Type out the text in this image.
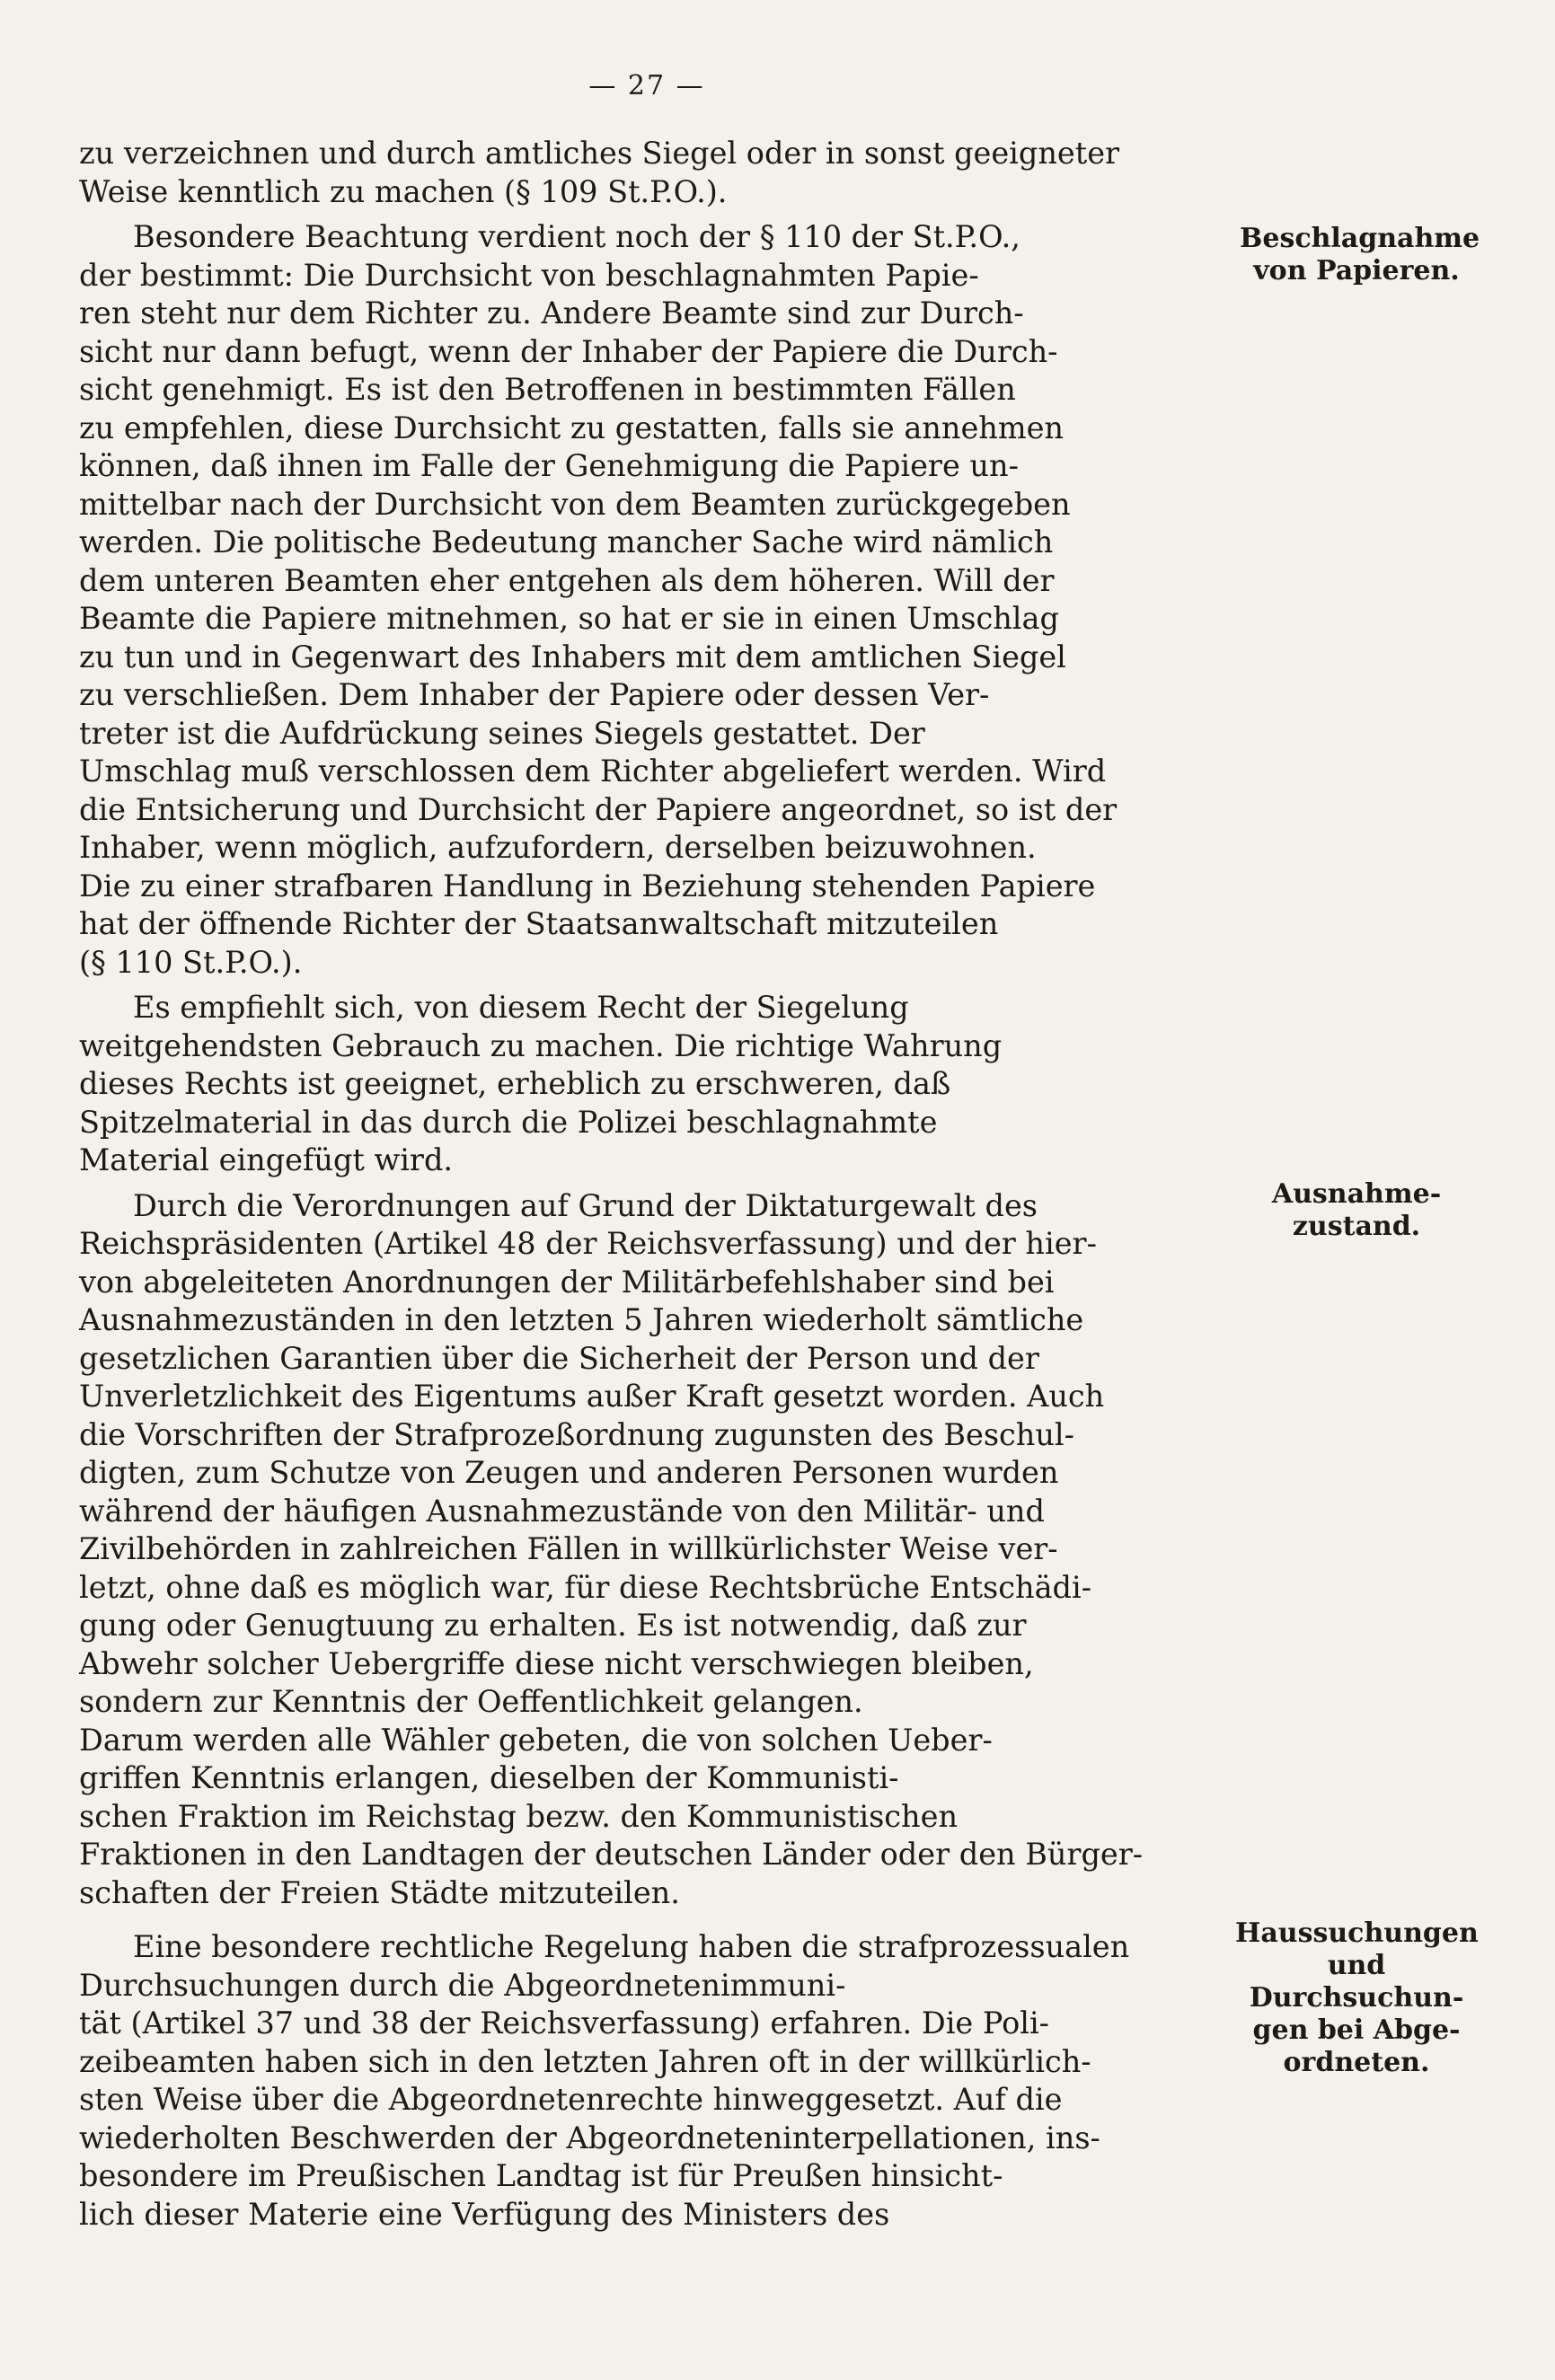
— 27 —

zu verzeichnen und durch amtliches Siegel oder in sonst geeigneter
Weise kenntlich zu machen (§ 109 St.P.O.).

Besondere Beachtung verdient noch der § 110 der St.P.O.,
der bestimmt: Die Durchsicht von beschlagnahmten Papie-
ren steht nur dem Richter zu. Andere Beamte sind zur Durch-
sicht nur dann befugt, wenn der Inhaber der Papiere die Durch-
sicht genehmigt. Es ist den Betroffenen in bestimmten Fällen
zu empfehlen, diese Durchsicht zu gestatten, falls sie annehmen
können, daß ihnen im Falle der Genehmigung die Papiere un-
mittelbar nach der Durchsicht von dem Beamten zurückgegeben
werden. Die politische Bedeutung mancher Sache wird nämlich
dem unteren Beamten eher entgehen als dem höheren. Will der
Beamte die Papiere mitnehmen, so hat er sie in einen Umschlag
zu tun und in Gegenwart des Inhabers mit dem amtlichen Siegel
zu verschließen. Dem Inhaber der Papiere oder dessen Ver-
treter ist die Aufdrückung seines Siegels gestattet. Der
Umschlag muß verschlossen dem Richter abgeliefert werden. Wird
die Entsicherung und Durchsicht der Papiere angeordnet, so ist der
Inhaber, wenn möglich, aufzufordern, derselben beizuwohnen.
Die zu einer strafbaren Handlung in Beziehung stehenden Papiere
hat der öffnende Richter der Staatsanwaltschaft mitzuteilen
(§ 110 St.P.O.).

Es empfiehlt sich, von diesem Recht der Siegelung
weitgehendsten Gebrauch zu machen. Die richtige Wahrung
dieses Rechts ist geeignet, erheblich zu erschweren, daß
Spitzelmaterial in das durch die Polizei beschlagnahmte
Material eingefügt wird.

Durch die Verordnungen auf Grund der Diktaturgewalt des
Reichspräsidenten (Artikel 48 der Reichsverfassung) und der hier-
von abgeleiteten Anordnungen der Militärbefehlshaber sind bei
Ausnahmezuständen in den letzten 5 Jahren wiederholt sämtliche
gesetzlichen Garantien über die Sicherheit der Person und der
Unverletzlichkeit des Eigentums außer Kraft gesetzt worden. Auch
die Vorschriften der Strafprozeßordnung zugunsten des Beschul-
digten, zum Schutze von Zeugen und anderen Personen wurden
während der häufigen Ausnahmezustände von den Militär- und
Zivilbehörden in zahlreichen Fällen in willkürlichster Weise ver-
letzt, ohne daß es möglich war, für diese Rechtsbrüche Entschädi-
gung oder Genugtuung zu erhalten. Es ist notwendig, daß zur
Abwehr solcher Uebergriffe diese nicht verschwiegen bleiben,
sondern zur Kenntnis der Oeffentlichkeit gelangen.
Darum werden alle Wähler gebeten, die von solchen Ueber-
griffen Kenntnis erlangen, dieselben der Kommunisti-
schen Fraktion im Reichstag bezw. den Kommunistischen
Fraktionen in den Landtagen der deutschen Länder oder den Bürger-
schaften der Freien Städte mitzuteilen.

Eine besondere rechtliche Regelung haben die strafprozessualen
Durchsuchungen durch die Abgeordnetenimmuni-
tät (Artikel 37 und 38 der Reichsverfassung) erfahren. Die Poli-
zeibeamten haben sich in den letzten Jahren oft in der willkürlich-
sten Weise über die Abgeordnetenrechte hinweggesetzt. Auf die
wiederholten Beschwerden der Abgeordneteninterpellationen, ins-
besondere im Preußischen Landtag ist für Preußen hinsicht-
lich dieser Materie eine Verfügung des Ministers des

Beschlagnahme
von Papieren.
Ausnahme-
zustand.
Haussuchungen
und Durchsuchun-
gen bei Abge-
ordneten.
